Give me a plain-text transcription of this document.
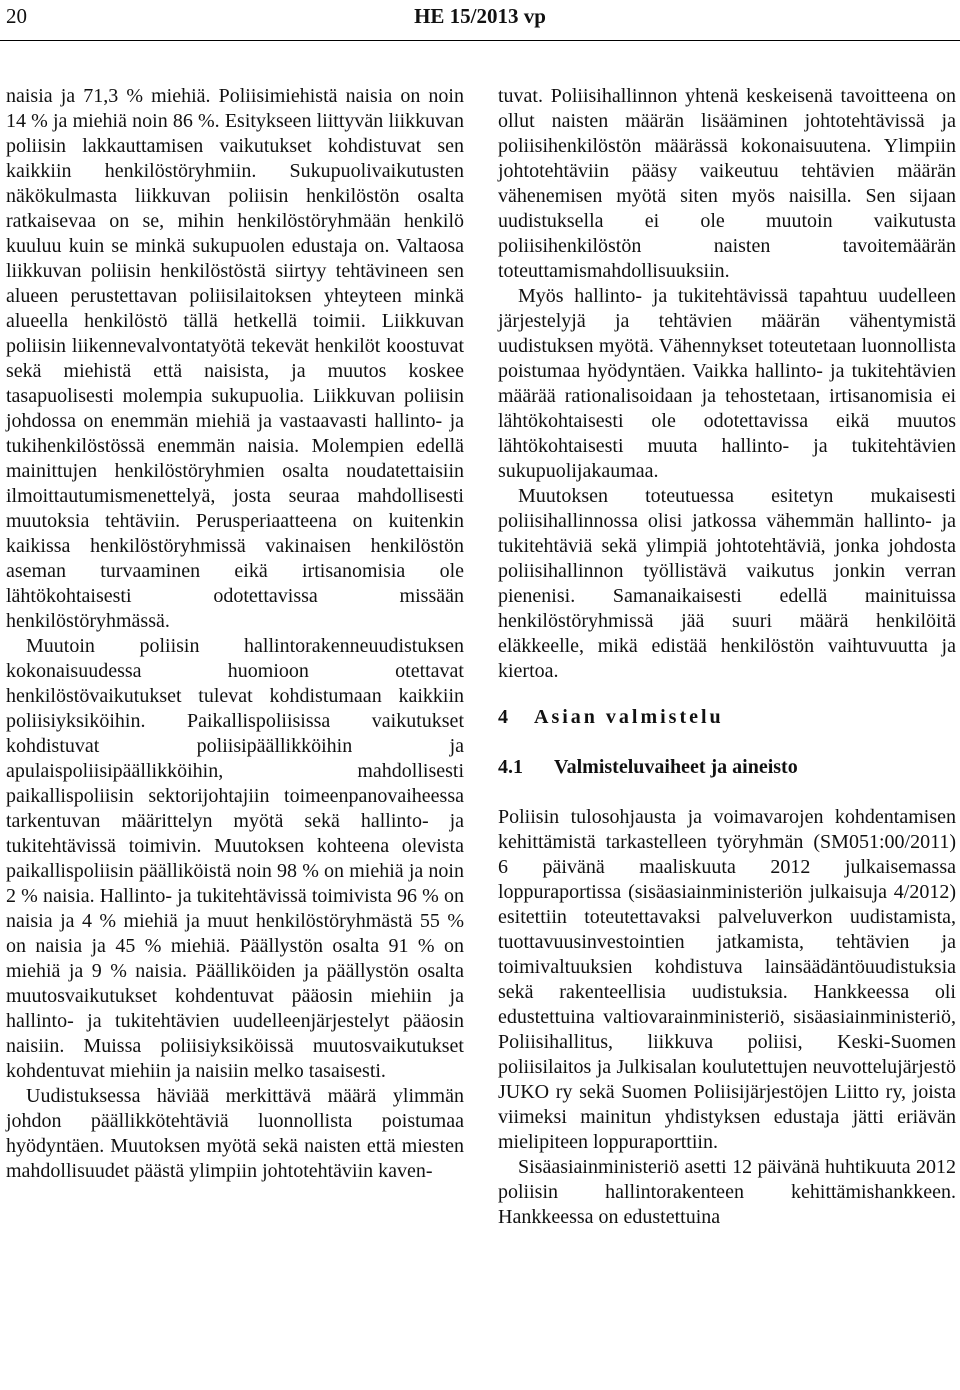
20	HE 15/2013 vp

naisia ja 71,3 % miehiä. Poliisimiehistä naisia on noin 14 % ja miehiä noin 86 %. Esitykseen liittyvän liikkuvan poliisin lakkauttamisen vaikutukset kohdistuvat sen kaikkiin henkilöstöryhmiin. Sukupuolivaikutusten näkökulmasta liikkuvan poliisin henkilöstön osalta ratkaisevaa on se, mihin henkilöstöryhmään henkilö kuuluu kuin se minkä sukupuolen edustaja on. Valtaosa liikkuvan poliisin henkilöstöstä siirtyy tehtävineen sen alueen perustettavan poliisilaitoksen yhteyteen minkä alueella henkilöstö tällä hetkellä toimii. Liikkuvan poliisin liikennevalvontatyötä tekevät henkilöt koostuvat sekä miehistä että naisista, ja muutos koskee tasapuolisesti molempia sukupuolia. Liikkuvan poliisin johdossa on enemmän miehiä ja vastaavasti hallinto- ja tukihenkilöstössä enemmän naisia. Molempien edellä mainittujen henkilöstöryhmien osalta noudatettaisiin ilmoittautumismenettelyä, josta seuraa mahdollisesti muutoksia tehtäviin. Perusperiaatteena on kuitenkin kaikissa henkilöstöryhmissä vakinaisen henkilöstön aseman turvaaminen eikä irtisanomisia ole lähtökohtaisesti odotettavissa missään henkilöstöryhmässä.

Muutoin poliisin hallintorakenneuudistuksen kokonaisuudessa huomioon otettavat henkilöstövaikutukset tulevat kohdistumaan kaikkiin poliisiyksiköihin. Paikallispoliisissa vaikutukset kohdistuvat poliisipäällikköihin ja apulaispoliisipäällikköihin, mahdollisesti paikallispoliisin sektorijohtajiin toimeenpanovaiheessa tarkentuvan määrittelyn myötä sekä hallinto- ja tukitehtävissä toimivin. Muutoksen kohteena olevista paikallispoliisin päälliköistä noin 98 % on miehiä ja noin 2 % naisia. Hallinto- ja tukitehtävissä toimivista 96 % on naisia ja 4 % miehiä ja muut henkilöstöryhmästä 55 % on naisia ja 45 % miehiä. Päällystön osalta 91 % on miehiä ja 9 % naisia. Päälliköiden ja päällystön osalta muutosvaikutukset kohdentuvat pääosin miehiin ja hallinto- ja tukitehtävien uudelleenjärjestelyt pääosin naisiin. Muissa poliisiyksiköissä muutosvaikutukset kohdentuvat miehiin ja naisiin melko tasaisesti.

Uudistuksessa häviää merkittävä määrä ylimmän johdon päällikkötehtäviä luonnollista poistumaa hyödyntäen. Muutoksen myötä sekä naisten että miesten mahdollisuudet päästä ylimpiin johtotehtäviin kaven-

tuvat. Poliisihallinnon yhtenä keskeisenä tavoitteena on ollut naisten määrän lisääminen johtotehtävissä ja poliisihenkilöstön määrässä kokonaisuutena. Ylimpiin johtotehtäviin pääsy vaikeutuu tehtävien määrän vähenemisen myötä siten myös naisilla. Sen sijaan uudistuksella ei ole muutoin vaikutusta poliisihenkilöstön naisten tavoitemäärän toteuttamismahdollisuuksiin.

Myös hallinto- ja tukitehtävissä tapahtuu uudelleen järjestelyjä ja tehtävien määrän vähentymistä uudistuksen myötä. Vähennykset toteutetaan luonnollista poistumaa hyödyntäen. Vaikka hallinto- ja tukitehtävien määrää rationalisoidaan ja tehostetaan, irtisanomisia ei lähtökohtaisesti ole odotettavissa eikä muutos lähtökohtaisesti muuta hallinto- ja tukitehtävien sukupuolijakaumaa.

Muutoksen toteutuessa esitetyn mukaisesti poliisihallinnossa olisi jatkossa vähemmän hallinto- ja tukitehtäviä sekä ylimpiä johtotehtäviä, jonka johdosta poliisihallinnon työllistävä vaikutus jonkin verran pienenisi. Samanaikaisesti edellä mainituissa henkilöstöryhmissä jää suuri määrä henkilöitä eläkkeelle, mikä edistää henkilöstön vaihtuvuutta ja kiertoa.

4 Asian valmistelu

4.1 Valmisteluvaiheet ja aineisto

Poliisin tulosohjausta ja voimavarojen kohdentamisen kehittämistä tarkastelleen työryhmän (SM051:00/2011) 6 päivänä maaliskuuta 2012 julkaisemassa loppuraportissa (sisäasiainministeriön julkaisuja 4/2012) esitettiin toteutettavaksi palveluverkon uudistamista, tuottavuusinvestointien jatkamista, tehtävien ja toimivaltuuksien kohdistuva lainsäädäntöuudistuksia sekä rakenteellisia uudistuksia. Hankkeessa oli edustettuina valtiovarainministeriö, sisäasiainministeriö, Poliisihallitus, liikkuva poliisi, Keski-Suomen poliisilaitos ja Julkisalan koulutettujen neuvottelujärjestö JUKO ry sekä Suomen Poliisijärjestöjen Liitto ry, joista viimeksi mainitun yhdistyksen edustaja jätti eriävän mielipiteen loppuraporttiin.

Sisäasiainministeriö asetti 12 päivänä huhtikuuta 2012 poliisin hallintorakenteen kehittämishankkeen. Hankkeessa on edustettuina
